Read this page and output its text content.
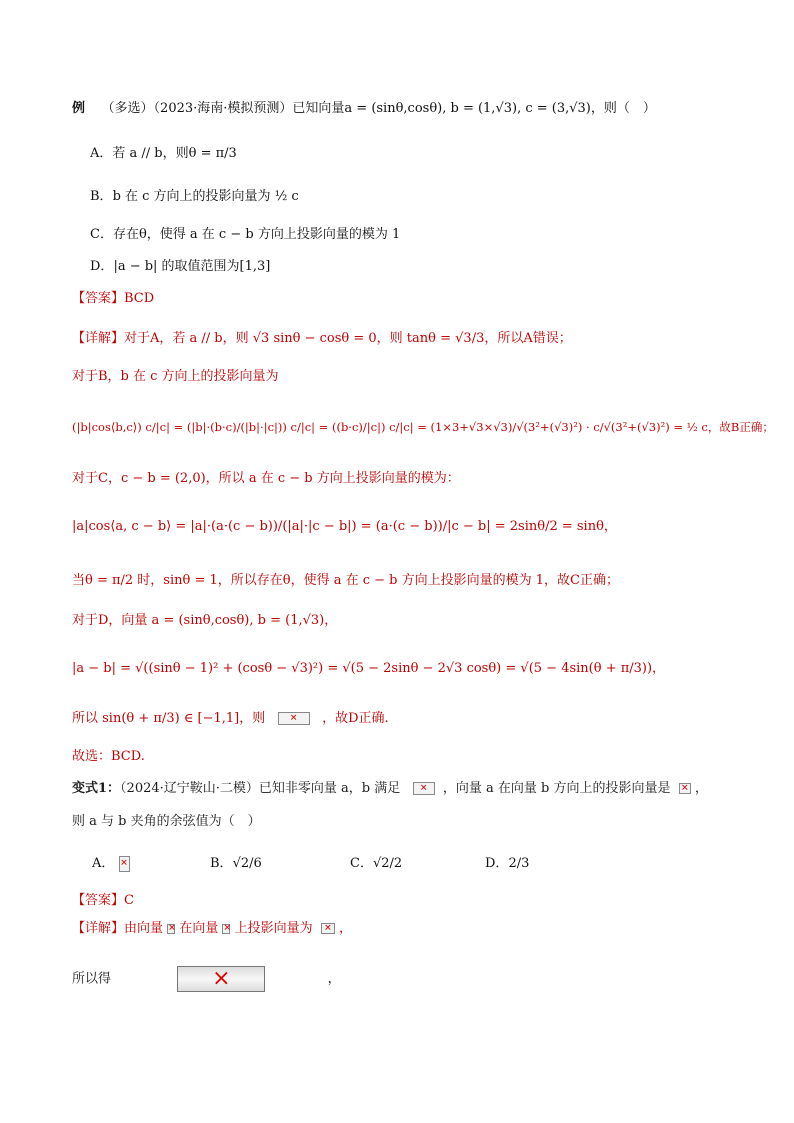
例 （多选）（2023·海南·模拟预测）已知向量a = (sinθ,cosθ), b = (1,√3), c = (3,√3)，则（　）
A．若 a // b，则θ = π/3
B．b 在 c 方向上的投影向量为 ½ c
C．存在θ，使得 a 在 c − b 方向上投影向量的模为 1
D．|a − b| 的取值范围为[1,3]
【答案】BCD
【详解】对于A，若 a // b，则 √3 sinθ − cosθ = 0，则 tanθ = √3/3，所以A错误；
对于B，b 在 c 方向上的投影向量为
(|b|cos⟨b,c⟩) c/|c| = (|b|·(b·c)/(|b|·|c|)) c/|c| = ((b·c)/|c|) c/|c| = (1×3+√3×√3)/√(3²+(√3)²) · c/√(3²+(√3)²) = ½ c，故B正确；
对于C，c − b = (2,0)，所以 a 在 c − b 方向上投影向量的模为：
|a|cos⟨a, c − b⟩ = |a|·(a·(c − b))/(|a|·|c − b|) = (a·(c − b))/|c − b| = 2sinθ/2 = sinθ，
当θ = π/2 时，sinθ = 1，所以存在θ，使得 a 在 c − b 方向上投影向量的模为 1，故C正确；
对于D，向量 a = (sinθ,cosθ), b = (1,√3)，
|a − b| = √((sinθ − 1)² + (cosθ − √3)²) = √(5 − 2sinθ − 2√3 cosθ) = √(5 − 4sin(θ + π/3))，
所以 sin(θ + π/3) ∈ [−1,1]，则 ✕	，故D正确.
故选：BCD.
变式1：（2024·辽宁鞍山·二模）已知非零向量 a，b 满足 ✕	，向量 a 在向量 b 方向上的投影向量是 ✕ ，
则 a 与 b 夹角的余弦值为（　）
A． ✕	B．√2/6	C．√2/2	D．2/3
【答案】C
【详解】由向量 ✕ 在向量 ✕ 上投影向量为 ✕ ，
所以得 ⨯	，
